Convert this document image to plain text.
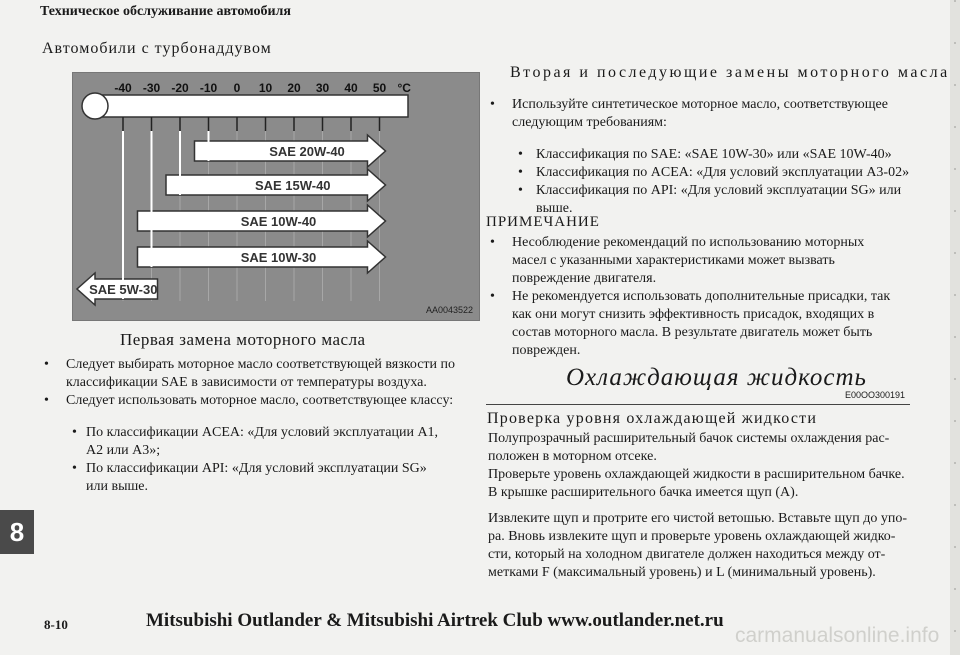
Техническое обслуживание автомобиля
Автомобили с турбонаддувом
-40 -30 -20 -10 0 10 20 30 40 50 °C
SAE 20W-40
SAE 15W-40
SAE 10W-40
SAE 10W-30
SAE 5W-30
AA0043522
Первая замена моторного масла
•	Следует выбирать моторное масло соответствующей вязкости по
классификации SAE в зависимости от температуры воздуха.
•	Следует использовать моторное масло, соответствующее классу:
• По классификации ACEA: «Для условий эксплуатации A1,
A2 или A3»;
• По классификации API: «Для условий эксплуатации SG»
или выше.
Вторая и последующие замены моторного масла
•	Используйте синтетическое моторное масло, соответствующее
следующим требованиям:
• Классификация по SAE: «SAE 10W-30» или «SAE 10W-40»
• Классификация по ACEA: «Для условий эксплуатации A3-02»
• Классификация по API: «Для условий эксплуатации SG» или
выше.
ПРИМЕЧАНИЕ
•	Несоблюдение рекомендаций по использованию моторных
масел с указанными характеристиками может вызвать
повреждение двигателя.
•	Не рекомендуется использовать дополнительные присадки, так
как они могут снизить эффективность присадок, входящих в
состав моторного масла. В результате двигатель может быть
поврежден.
Охлаждающая жидкость
E00OO300191
Проверка уровня охлаждающей жидкости
Полупрозрачный расширительный бачок системы охлаждения рас-
положен в моторном отсеке.
Проверьте уровень охлаждающей жидкости в расширительном бачке.
В крышке расширительного бачка имеется щуп (A).
Извлеките щуп и протрите его чистой ветошью. Вставьте щуп до упо-
ра. Вновь извлеките щуп и проверьте уровень охлаждающей жидко-
сти, который на холодном двигателе должен находиться между от-
метками F (максимальный уровень) и L (минимальный уровень).
8
8-10	Mitsubishi Outlander & Mitsubishi Airtrek Club www.outlander.net.ru
carmanualsonline.info
